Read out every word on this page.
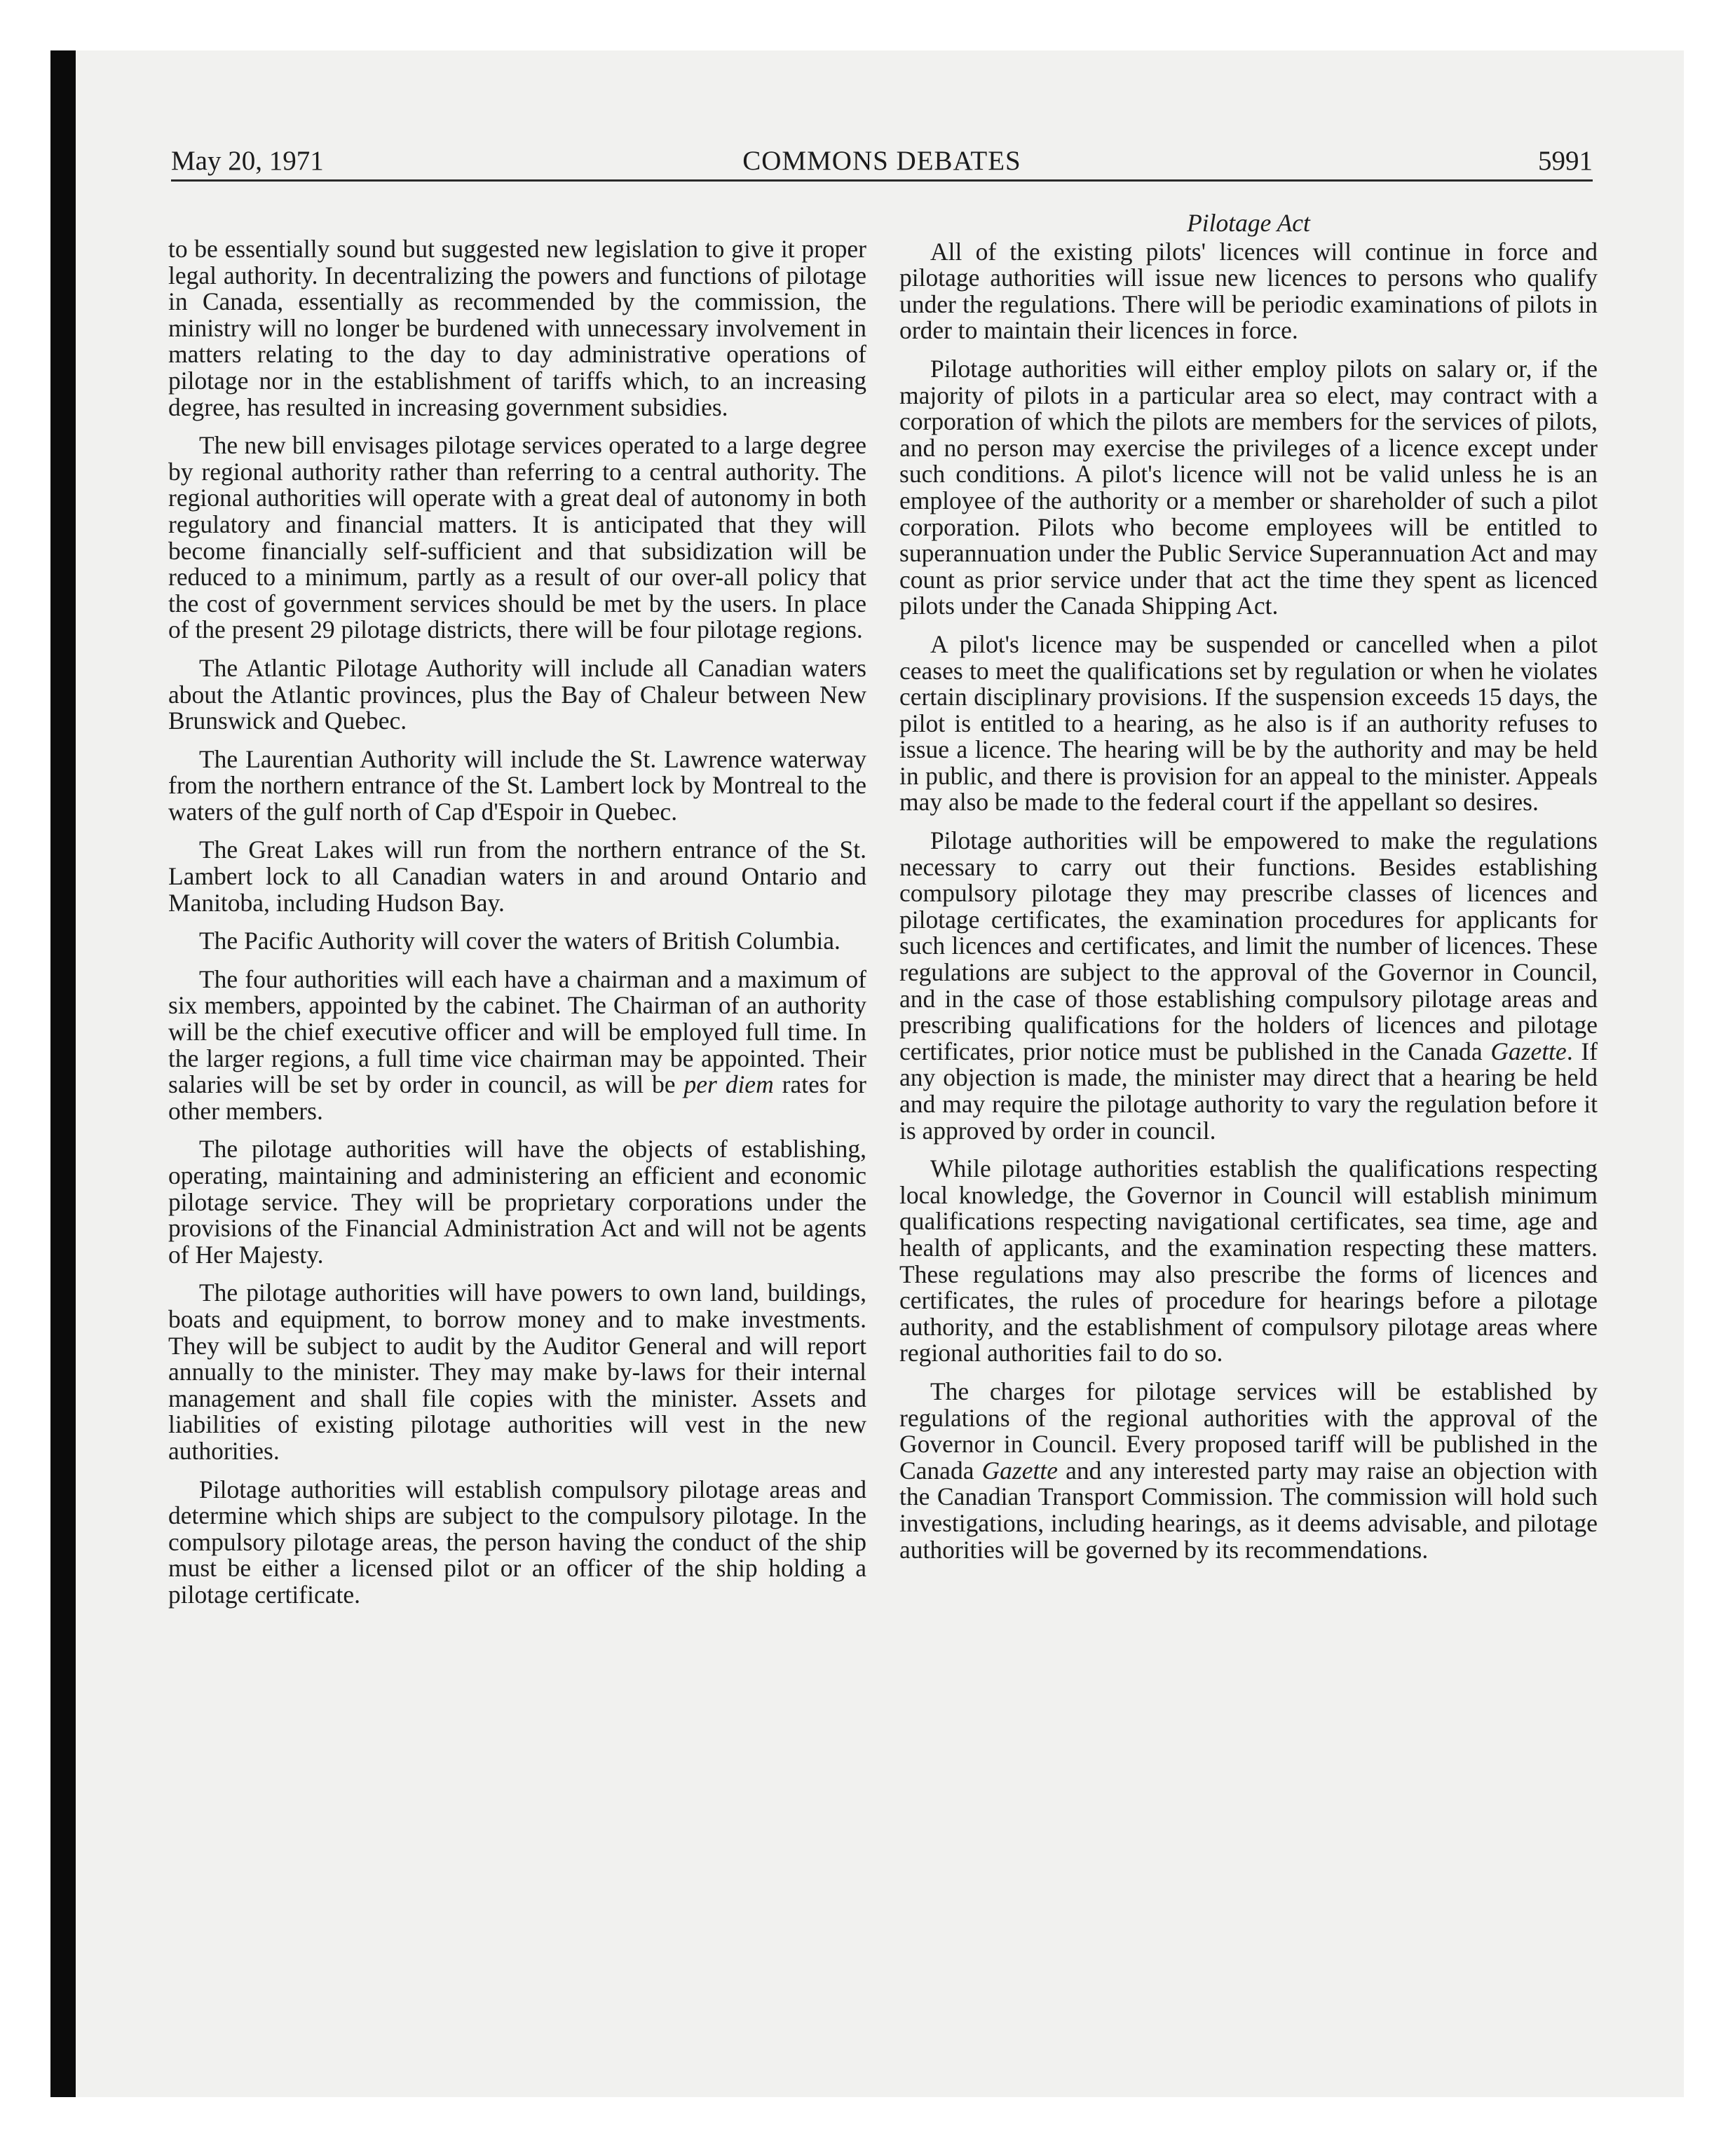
May 20, 1971	COMMONS DEBATES	5991

to be essentially sound but suggested new legislation to give it proper legal authority. In decentralizing the powers and functions of pilotage in Canada, essentially as recommended by the commission, the ministry will no longer be burdened with unnecessary involvement in matters relating to the day to day administrative operations of pilotage nor in the establishment of tariffs which, to an increasing degree, has resulted in increasing government subsidies.

The new bill envisages pilotage services operated to a large degree by regional authority rather than referring to a central authority. The regional authorities will operate with a great deal of autonomy in both regulatory and financial matters. It is anticipated that they will become financially self-sufficient and that subsidization will be reduced to a minimum, partly as a result of our over-all policy that the cost of government services should be met by the users. In place of the present 29 pilotage districts, there will be four pilotage regions.

The Atlantic Pilotage Authority will include all Canadian waters about the Atlantic provinces, plus the Bay of Chaleur between New Brunswick and Quebec.

The Laurentian Authority will include the St. Lawrence waterway from the northern entrance of the St. Lambert lock by Montreal to the waters of the gulf north of Cap d'Espoir in Quebec.

The Great Lakes will run from the northern entrance of the St. Lambert lock to all Canadian waters in and around Ontario and Manitoba, including Hudson Bay.

The Pacific Authority will cover the waters of British Columbia.

The four authorities will each have a chairman and a maximum of six members, appointed by the cabinet. The Chairman of an authority will be the chief executive officer and will be employed full time. In the larger regions, a full time vice chairman may be appointed. Their salaries will be set by order in council, as will be per diem rates for other members.

The pilotage authorities will have the objects of establishing, operating, maintaining and administering an efficient and economic pilotage service. They will be proprietary corporations under the provisions of the Financial Administration Act and will not be agents of Her Majesty.

The pilotage authorities will have powers to own land, buildings, boats and equipment, to borrow money and to make investments. They will be subject to audit by the Auditor General and will report annually to the minister. They may make by-laws for their internal management and shall file copies with the minister. Assets and liabilities of existing pilotage authorities will vest in the new authorities.

Pilotage authorities will establish compulsory pilotage areas and determine which ships are subject to the compulsory pilotage. In the compulsory pilotage areas, the person having the conduct of the ship must be either a licensed pilot or an officer of the ship holding a pilotage certificate.

Pilotage Act

All of the existing pilots' licences will continue in force and pilotage authorities will issue new licences to persons who qualify under the regulations. There will be periodic examinations of pilots in order to maintain their licences in force.

Pilotage authorities will either employ pilots on salary or, if the majority of pilots in a particular area so elect, may contract with a corporation of which the pilots are members for the services of pilots, and no person may exercise the privileges of a licence except under such conditions. A pilot's licence will not be valid unless he is an employee of the authority or a member or shareholder of such a pilot corporation. Pilots who become employees will be entitled to superannuation under the Public Service Superannuation Act and may count as prior service under that act the time they spent as licenced pilots under the Canada Shipping Act.

A pilot's licence may be suspended or cancelled when a pilot ceases to meet the qualifications set by regulation or when he violates certain disciplinary provisions. If the suspension exceeds 15 days, the pilot is entitled to a hearing, as he also is if an authority refuses to issue a licence. The hearing will be by the authority and may be held in public, and there is provision for an appeal to the minister. Appeals may also be made to the federal court if the appellant so desires.

Pilotage authorities will be empowered to make the regulations necessary to carry out their functions. Besides establishing compulsory pilotage they may prescribe classes of licences and pilotage certificates, the examination procedures for applicants for such licences and certificates, and limit the number of licences. These regulations are subject to the approval of the Governor in Council, and in the case of those establishing compulsory pilotage areas and prescribing qualifications for the holders of licences and pilotage certificates, prior notice must be published in the Canada Gazette. If any objection is made, the minister may direct that a hearing be held and may require the pilotage authority to vary the regulation before it is approved by order in council.

While pilotage authorities establish the qualifications respecting local knowledge, the Governor in Council will establish minimum qualifications respecting navigational certificates, sea time, age and health of applicants, and the examination respecting these matters. These regulations may also prescribe the forms of licences and certificates, the rules of procedure for hearings before a pilotage authority, and the establishment of compulsory pilotage areas where regional authorities fail to do so.

The charges for pilotage services will be established by regulations of the regional authorities with the approval of the Governor in Council. Every proposed tariff will be published in the Canada Gazette and any interested party may raise an objection with the Canadian Transport Commission. The commission will hold such investigations, including hearings, as it deems advisable, and pilotage authorities will be governed by its recommendations.
